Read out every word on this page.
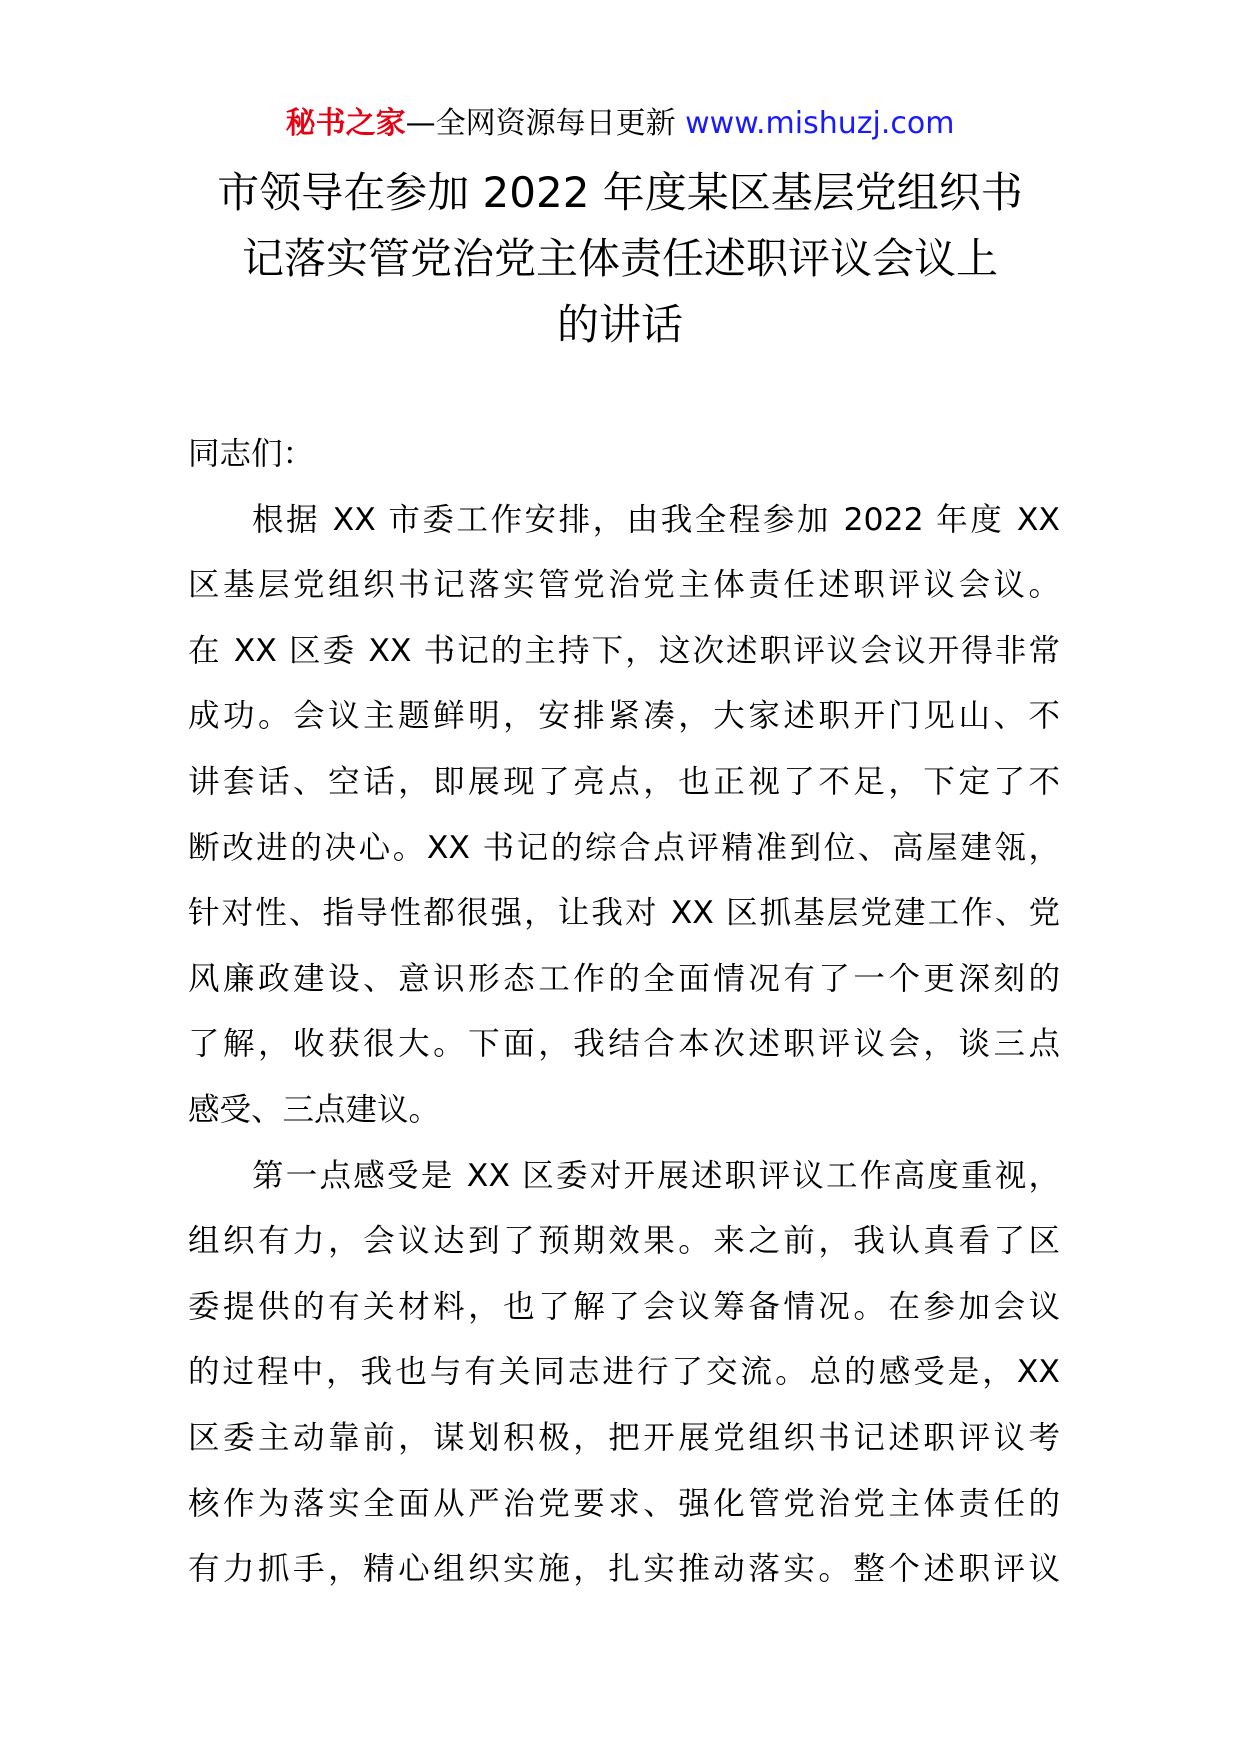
秘书之家—全网资源每日更新 www.mishuzj.com
市领导在参加 2022 年度某区基层党组织书
记落实管党治党主体责任述职评议会议上
的讲话
同志们：
根据 XX 市委工作安排，由我全程参加 2022 年度 XX
区基层党组织书记落实管党治党主体责任述职评议会议。
在 XX 区委 XX 书记的主持下，这次述职评议会议开得非常
成功。会议主题鲜明，安排紧凑，大家述职开门见山、不
讲套话、空话，即展现了亮点，也正视了不足，下定了不
断改进的决心。XX 书记的综合点评精准到位、高屋建瓴，
针对性、指导性都很强，让我对 XX 区抓基层党建工作、党
风廉政建设、意识形态工作的全面情况有了一个更深刻的
了解，收获很大。下面，我结合本次述职评议会，谈三点
感受、三点建议。
第一点感受是 XX 区委对开展述职评议工作高度重视，
组织有力，会议达到了预期效果。来之前，我认真看了区
委提供的有关材料，也了解了会议筹备情况。在参加会议
的过程中，我也与有关同志进行了交流。总的感受是，XX
区委主动靠前，谋划积极，把开展党组织书记述职评议考
核作为落实全面从严治党要求、强化管党治党主体责任的
有力抓手，精心组织实施，扎实推动落实。整个述职评议
